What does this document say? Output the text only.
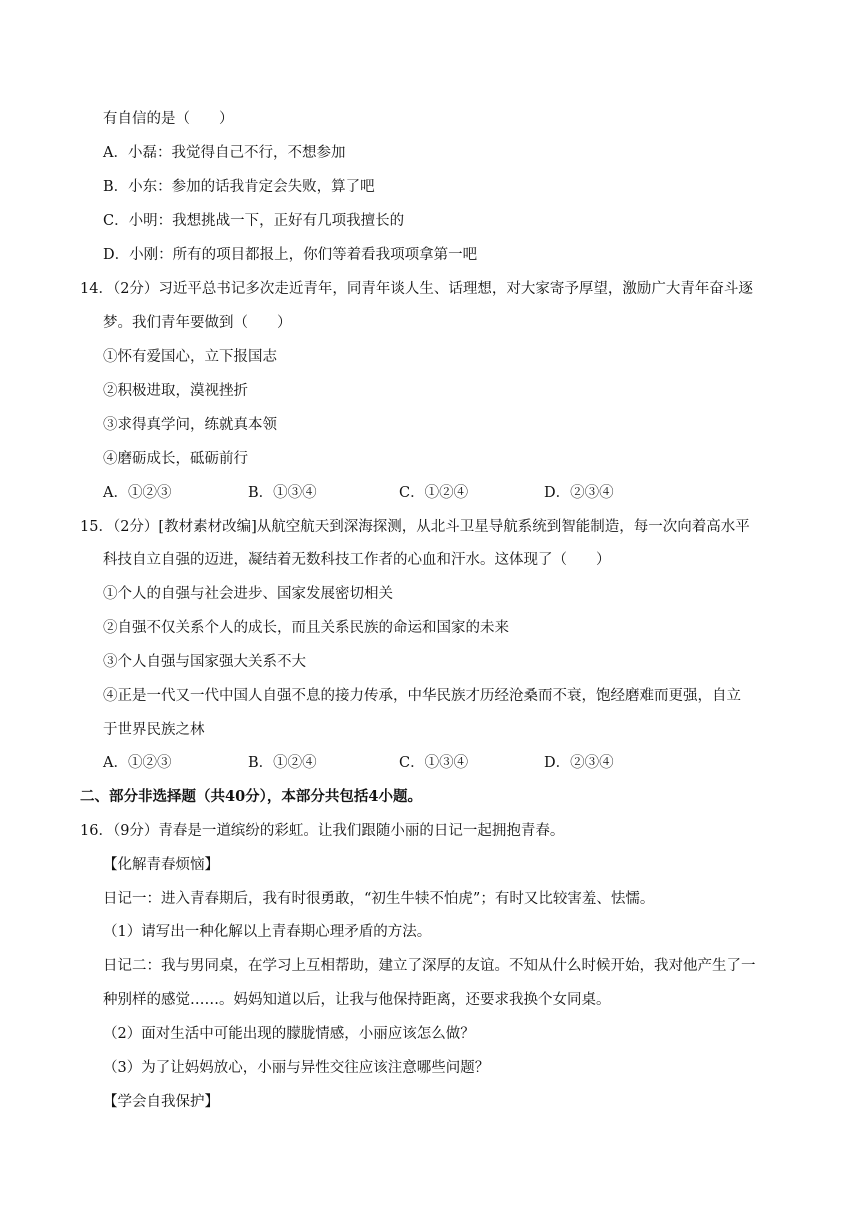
有自信的是（　　）
A．小磊：我觉得自己不行，不想参加
B．小东：参加的话我肯定会失败，算了吧
C．小明：我想挑战一下，正好有几项我擅长的
D．小刚：所有的项目都报上，你们等着看我项项拿第一吧
14．（2分）习近平总书记多次走近青年，同青年谈人生、话理想，对大家寄予厚望，激励广大青年奋斗逐
梦。我们青年要做到（　　）
①怀有爱国心，立下报国志
②积极进取，漠视挫折
③求得真学问，练就真本领
④磨砺成长，砥砺前行
A．①②③	B．①③④	C．①②④	D．②③④
15．（2分）[教材素材改编]从航空航天到深海探测，从北斗卫星导航系统到智能制造，每一次向着高水平
科技自立自强的迈进，凝结着无数科技工作者的心血和汗水。这体现了（　　）
①个人的自强与社会进步、国家发展密切相关
②自强不仅关系个人的成长，而且关系民族的命运和国家的未来
③个人自强与国家强大关系不大
④正是一代又一代中国人自强不息的接力传承，中华民族才历经沧桑而不衰，饱经磨难而更强，自立
于世界民族之林
A．①②③	B．①②④	C．①③④	D．②③④
二、部分非选择题（共40分），本部分共包括4小题。
16．（9分）青春是一道缤纷的彩虹。让我们跟随小丽的日记一起拥抱青春。
【化解青春烦恼】
日记一：进入青春期后，我有时很勇敢，“初生牛犊不怕虎”；有时又比较害羞、怯懦。
（1）请写出一种化解以上青春期心理矛盾的方法。
日记二：我与男同桌，在学习上互相帮助，建立了深厚的友谊。不知从什么时候开始，我对他产生了一
种别样的感觉……。妈妈知道以后，让我与他保持距离，还要求我换个女同桌。
（2）面对生活中可能出现的朦胧情感，小丽应该怎么做？
（3）为了让妈妈放心，小丽与异性交往应该注意哪些问题？
【学会自我保护】
